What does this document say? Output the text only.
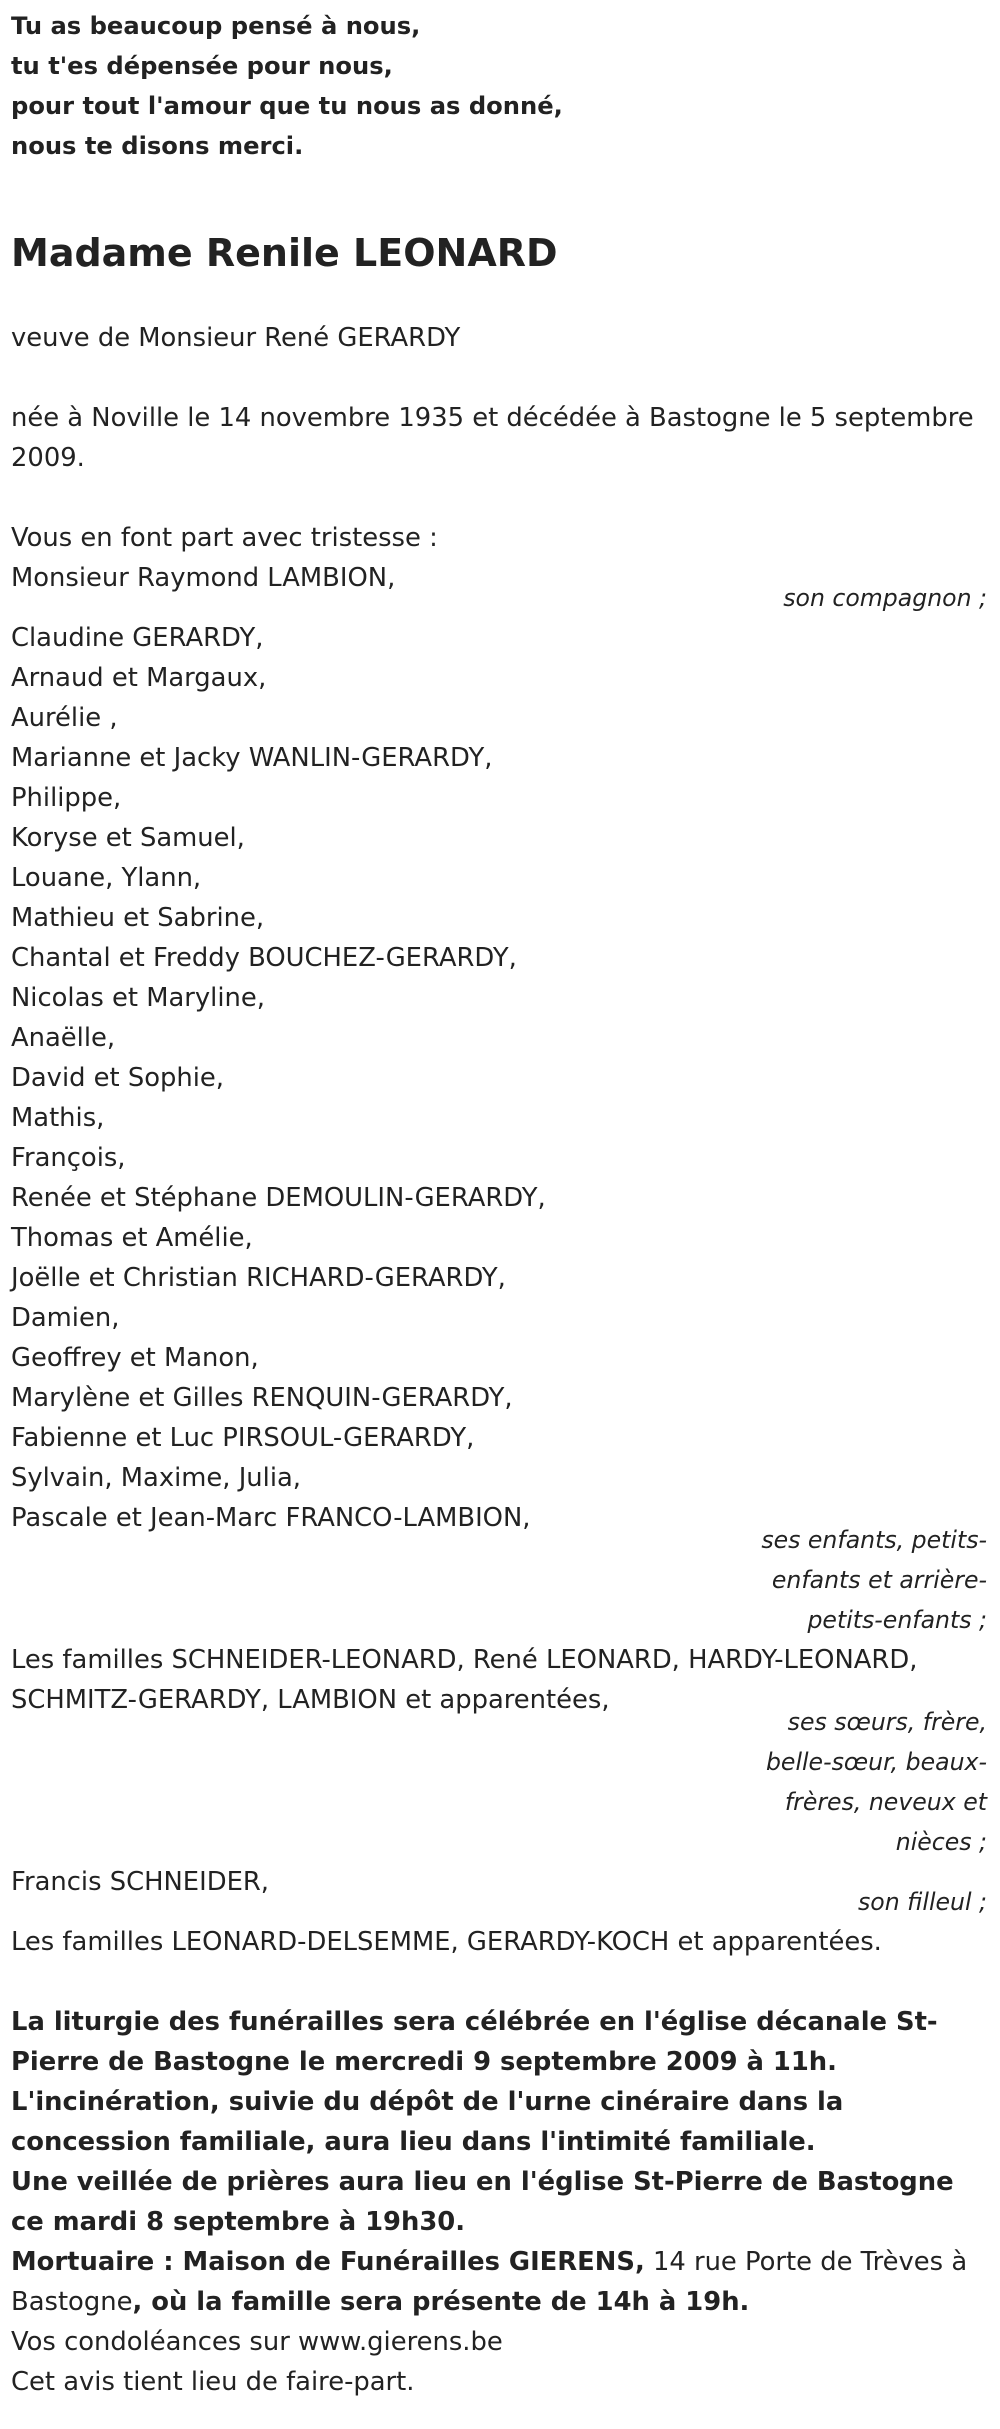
Tu as beaucoup pensé à nous,
tu t'es dépensée pour nous,
pour tout l'amour que tu nous as donné,
nous te disons merci.
Madame Renile LEONARD
veuve de Monsieur René GERARDY
née à Noville le 14 novembre 1935 et décédée à Bastogne le 5 septembre 2009.
Vous en font part avec tristesse :
Monsieur Raymond LAMBION,
son compagnon ;
Claudine GERARDY,
Arnaud et Margaux,
Aurélie ,
Marianne et Jacky WANLIN-GERARDY,
Philippe,
Koryse et Samuel,
Louane, Ylann,
Mathieu et Sabrine,
Chantal et Freddy BOUCHEZ-GERARDY,
Nicolas et Maryline,
Anaëlle,
David et Sophie,
Mathis,
François,
Renée et Stéphane DEMOULIN-GERARDY,
Thomas et Amélie,
Joëlle et Christian RICHARD-GERARDY,
Damien,
Geoffrey et Manon,
Marylène et Gilles RENQUIN-GERARDY,
Fabienne et Luc PIRSOUL-GERARDY,
Sylvain, Maxime, Julia,
Pascale et Jean-Marc FRANCO-LAMBION,
ses enfants, petits-
enfants et arrière-
petits-enfants ;
Les familles SCHNEIDER-LEONARD, René LEONARD, HARDY-LEONARD, SCHMITZ-GERARDY, LAMBION et apparentées,
ses sœurs, frère,
belle-sœur, beaux-
frères, neveux et
nièces ;
Francis SCHNEIDER,
son filleul ;
Les familles LEONARD-DELSEMME, GERARDY-KOCH et apparentées.
La liturgie des funérailles sera célébrée en l'église décanale St-Pierre de Bastogne le mercredi 9 septembre 2009 à 11h.
L'incinération, suivie du dépôt de l'urne cinéraire dans la concession familiale, aura lieu dans l'intimité familiale.
Une veillée de prières aura lieu en l'église St-Pierre de Bastogne ce mardi 8 septembre à 19h30.
Mortuaire : Maison de Funérailles GIERENS, 14 rue Porte de Trèves à Bastogne, où la famille sera présente de 14h à 19h.
Vos condoléances sur www.gierens.be
Cet avis tient lieu de faire-part.
